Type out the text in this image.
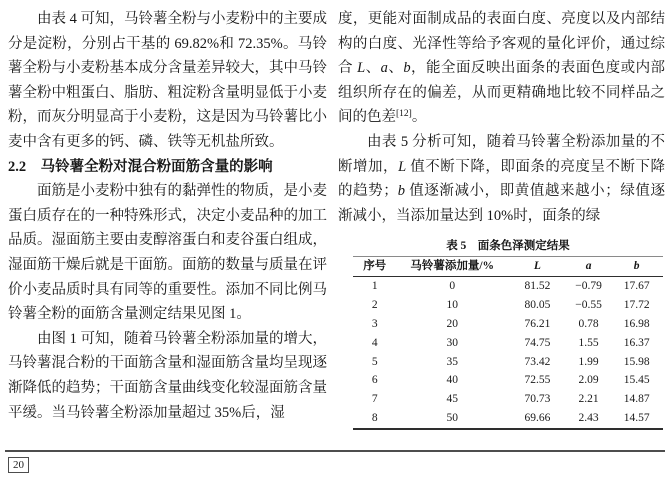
由表 4 可知，马铃薯全粉与小麦粉中的主要成分是淀粉，分别占干基的 69.82%和 72.35%。马铃薯全粉与小麦粉基本成分含量差异较大，其中马铃薯全粉中粗蛋白、脂肪、粗淀粉含量明显低于小麦粉，而灰分明显高于小麦粉，这是因为马铃薯比小麦中含有更多的钙、磷、铁等无机盐所致。

2.2　马铃薯全粉对混合粉面筋含量的影响

面筋是小麦粉中独有的黏弹性的物质，是小麦蛋白质存在的一种特殊形式，决定小麦品种的加工品质。湿面筋主要由麦醇溶蛋白和麦谷蛋白组成，湿面筋干燥后就是干面筋。面筋的数量与质量在评价小麦品质时具有同等的重要性。添加不同比例马铃薯全粉的面筋含量测定结果见图 1。

由图 1 可知，随着马铃薯全粉添加量的增大，马铃薯混合粉的干面筋含量和湿面筋含量均呈现逐渐降低的趋势；干面筋含量曲线变化较湿面筋含量平缓。当马铃薯全粉添加量超过 35%后，湿

度，更能对面制成品的表面白度、亮度以及内部结构的白度、光泽性等给予客观的量化评价，通过综合 L、a、b，能全面反映出面条的表面色度或内部组织所存在的偏差，从而更精确地比较不同样品之间的色差[12]。

由表 5 分析可知，随着马铃薯全粉添加量的不断增加，L 值不断下降，即面条的亮度呈不断下降的趋势；b 值逐渐减小，即黄值越来越小；绿值逐渐减小，当添加量达到 10%时，面条的绿

表 5　面条色泽测定结果
序号	马铃薯添加量/%	L	a	b
1	0	81.52	−0.79	17.67
2	10	80.05	−0.55	17.72
3	20	76.21	0.78	16.98
4	30	74.75	1.55	16.37
5	35	73.42	1.99	15.98
6	40	72.55	2.09	15.45
7	45	70.73	2.21	14.87
8	50	69.66	2.43	14.57
20
